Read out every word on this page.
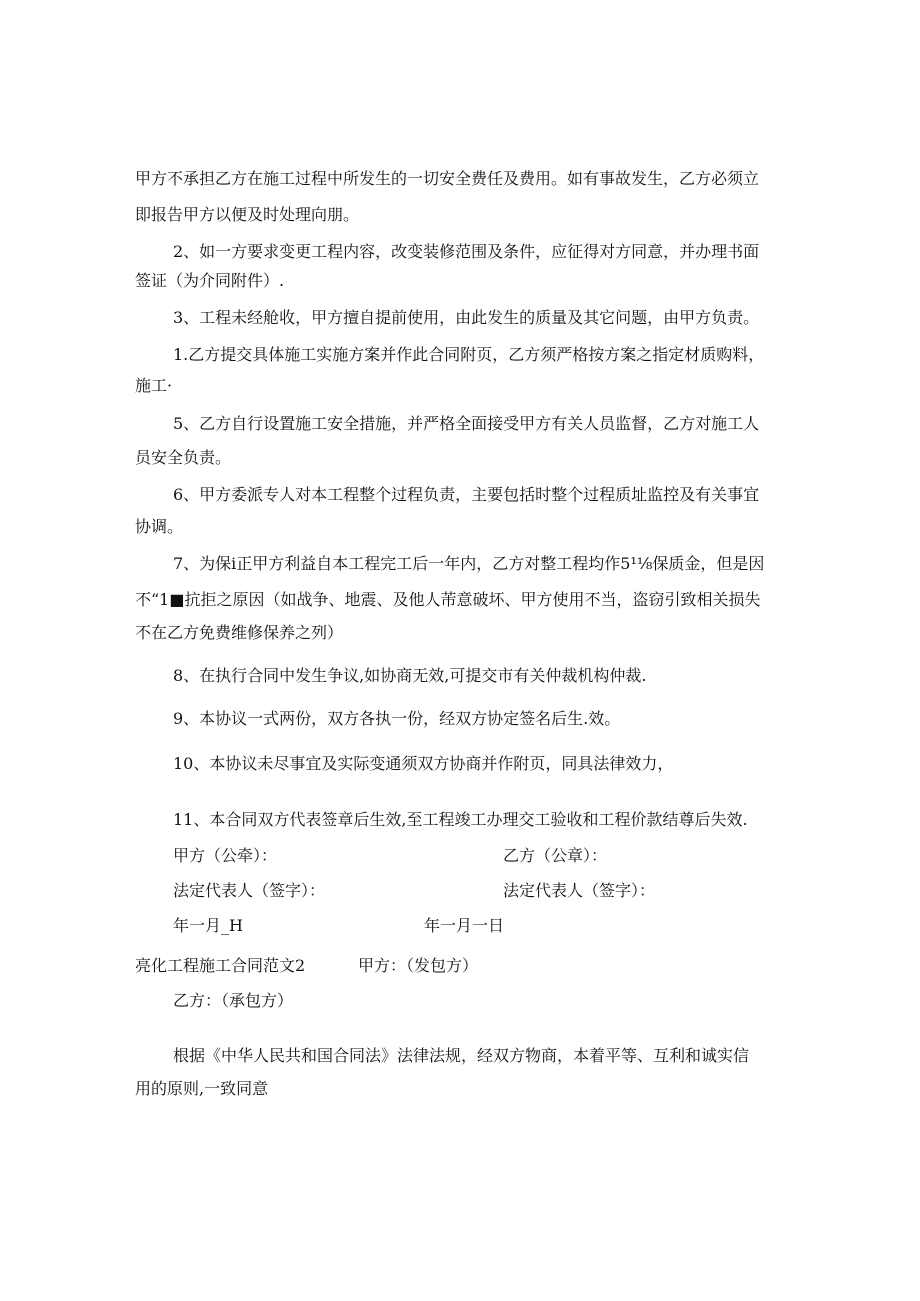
甲方不承担乙方在施工过程中所发生的一切安全费任及费用。如有事故发生，乙方必须立
即报告甲方以便及时处理向朋。
2、如一方要求变更工程内容，改变装修范围及条件，应征得对方同意，并办理书面
签证（为介同附件）.
3、工程未经舱收，甲方擅自提前使用，由此发生的质量及其它问题，由甲方负责。
1.乙方提交具体施工实施方案并作此合同附页，乙方须严格按方案之指定材质购料，
施工·
5、乙方自行设置施工安全措施，并严格全面接受甲方有关人员监督，乙方对施工人
员安全负责。
6、甲方委派专人对本工程整个过程负责，主要包括时整个过程质址监控及有关事宜
协调。
7、为保i正甲方利益自本工程完工后一年内，乙方对整工程均作5¹⅛保质金，但是因
不“1■抗拒之原因（如战争、地震、及他人芾意破坏、甲方使用不当，盗窃引致相关损失
不在乙方免费维修保养之列）
8、在执行合同中发生争议,如协商无效,可提交市有关仲裁机构仲裁.
9、本协议一式两份，双方各执一份，经双方协定签名后生.效。
10、本协议未尽事宜及实际变通须双方协商并作附页，同具法律效力，
11、本合同双方代表签章后生效,至工程竣工办理交工验收和工程价款结尊后失效.
甲方（公牵）：	乙方（公章）：
法定代表人（签字）：	法定代表人（签字）：
年一月_H	年一月一日
亮化工程施工合同范文2	甲方：（发包方）
乙方：（承包方）
根据《中华人民共和国合同法》法律法规，经双方物商，本着平等、互利和诚实信
用的原则,一致同意
